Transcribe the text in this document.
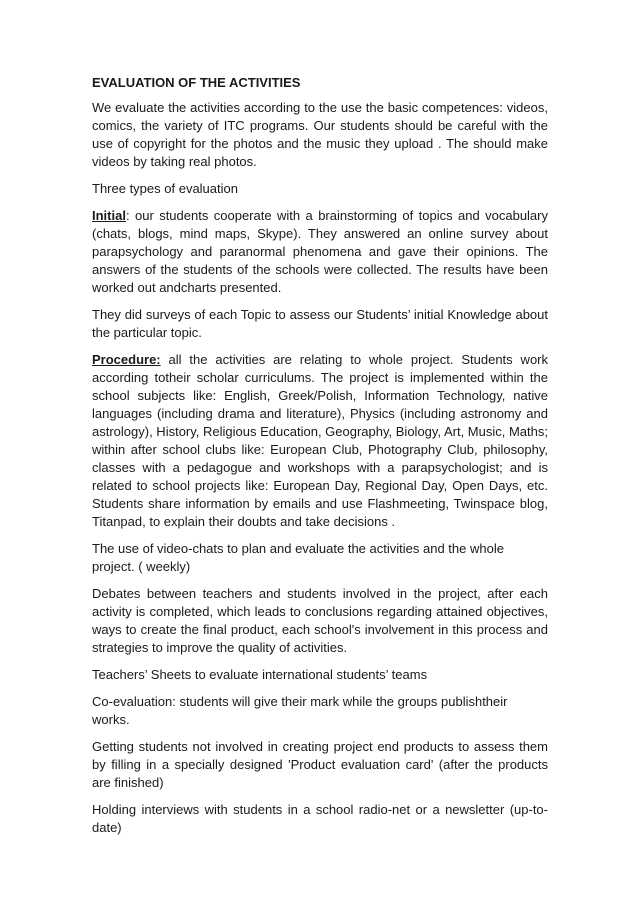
EVALUATION OF THE ACTIVITIES

We evaluate the activities according to the use the basic competences: videos, comics, the variety of ITC programs. Our students should be careful with the use of copyright for the photos and the music they upload . The should make videos by taking real photos.

Three types of evaluation

Initial: our students cooperate with a brainstorming of topics and vocabulary (chats, blogs, mind maps, Skype). They answered an online survey about parapsychology and paranormal phenomena and gave their opinions. The answers of the students of the schools were collected. The results have been worked out andcharts presented.

They did surveys of each Topic to assess our Students’ initial Knowledge about the particular topic.

Procedure: all the activities are relating to whole project. Students work according totheir scholar curriculums. The project is implemented within the school subjects like: English, Greek/Polish, Information Technology, native languages (including drama and literature), Physics (including astronomy and astrology), History, Religious Education, Geography, Biology, Art, Music, Maths; within after school clubs like: European Club, Photography Club, philosophy, classes with a pedagogue and workshops with a parapsychologist; and is related to school projects like: European Day, Regional Day, Open Days, etc. Students share information by emails and use Flashmeeting, Twinspace blog, Titanpad, to explain their doubts and take decisions .

The use of video-chats to plan and evaluate the activities and the whole project. ( weekly)

Debates between teachers and students involved in the project, after each activity is completed, which leads to conclusions regarding attained objectives, ways to create the final product, each school's involvement in this process and strategies to improve the quality of activities.

Teachers’ Sheets to evaluate international students’ teams

Co-evaluation: students will give their mark while the groups publishtheir works.

Getting students not involved in creating project end products to assess them by filling in a specially designed 'Product evaluation card' (after the products are finished)

Holding interviews with students in a school radio-net or a newsletter (up-to-date)
